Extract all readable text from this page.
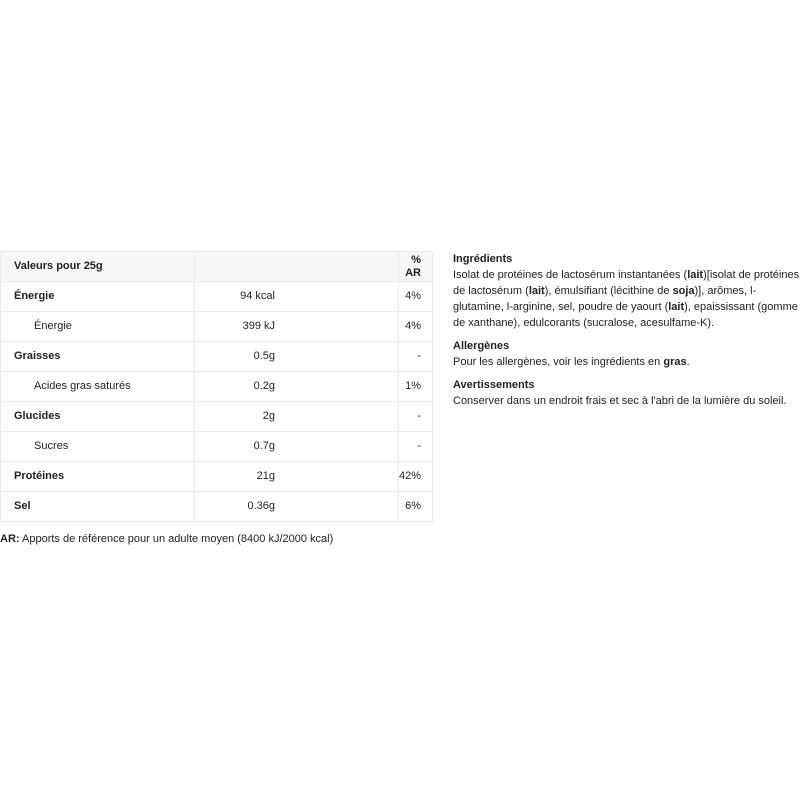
Valeurs pour 25g		% AR
Énergie	94 kcal	4%
Énergie	399 kJ	4%
Graisses	0.5g	-
Acides gras saturés	0.2g	1%
Glucides	2g	-
Sucres	0.7g	-
Protéines	21g	42%
Sel	0.36g	6%
AR: Apports de référence pour un adulte moyen (8400 kJ/2000 kcal)
Ingrédients

Isolat de protéines de lactosérum instantanées (lait)[isolat de protéines de lactosérum (lait), émulsifiant (lécithine de soja)], arômes, l-glutamine, l-arginine, sel, poudre de yaourt (lait), epaississant (gomme de xanthane), edulcorants (sucralose, acesulfame-K).

Allergènes

Pour les allergènes, voir les ingrédients en gras.

Avertissements

Conserver dans un endroit frais et sec à l'abri de la lumière du soleil.
